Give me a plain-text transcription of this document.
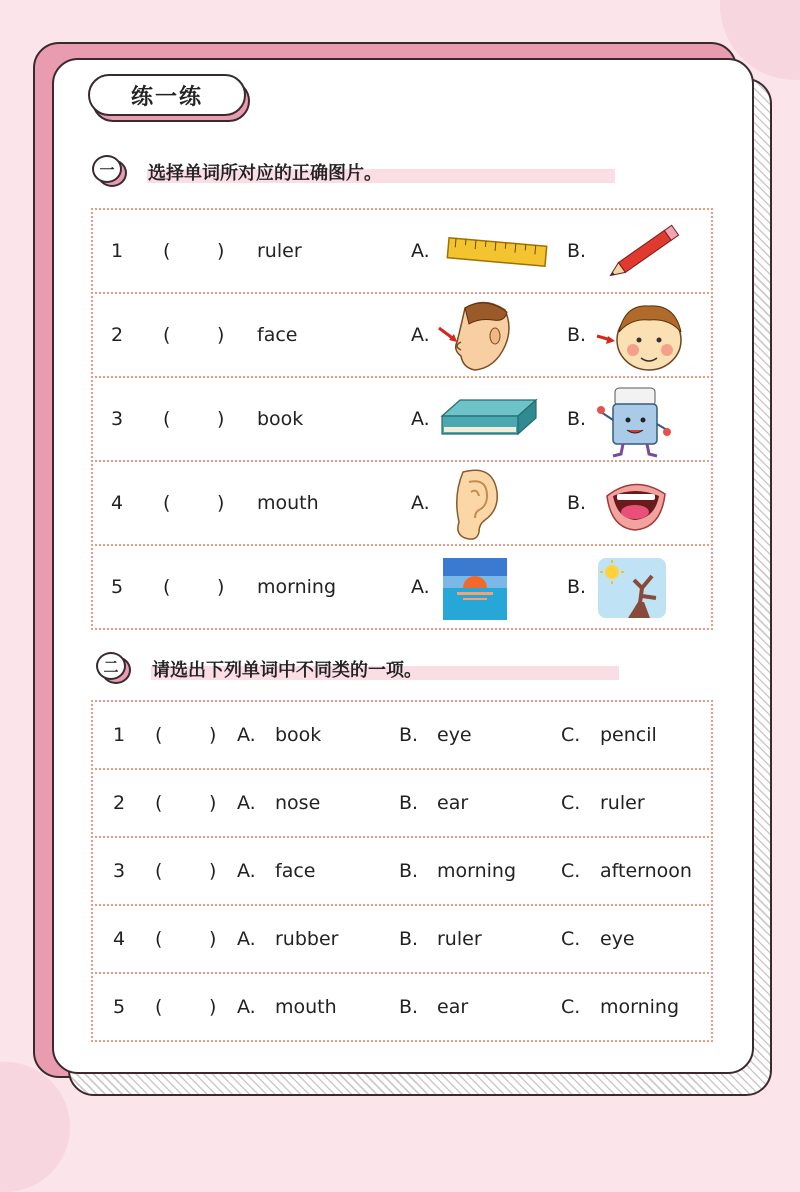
练一练
一	选择单词所对应的正确图片。
1 ( ) ruler	A.	B.
2 ( ) face	A.	B.
3 ( ) book	A.	B.
4 ( ) mouth	A.	B.
5 ( ) morning	A.	B.
二	请选出下列单词中不同类的一项。
1 ( ) A. book	B. eye	C. pencil
2 ( ) A. nose	B. ear	C. ruler
3 ( ) A. face	B. morning C. afternoon
4 ( ) A. rubber	B. ruler	C. eye
5 ( ) A. mouth	B. ear	C. morning
